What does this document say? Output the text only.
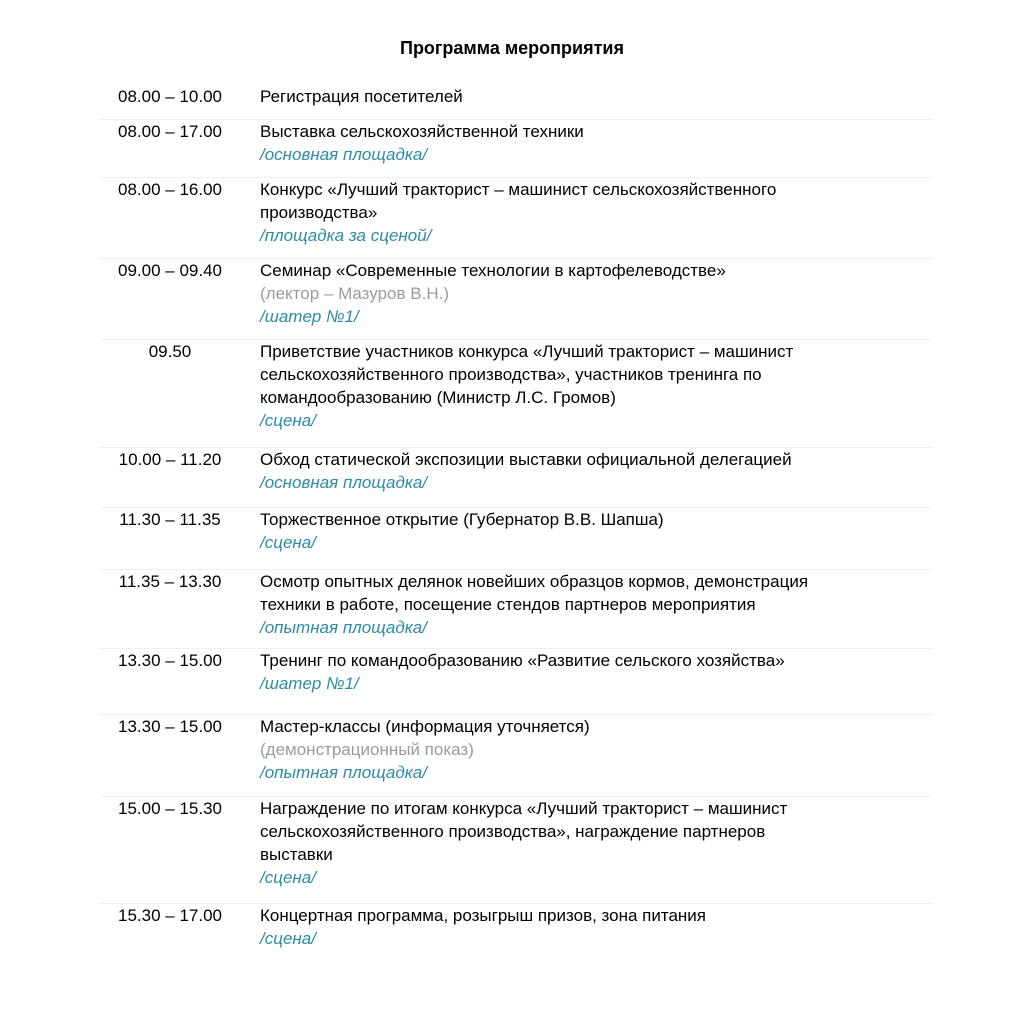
Программа мероприятия
08.00 – 10.00	Регистрация посетителей
08.00 – 17.00	Выставка сельскохозяйственной техники
/основная площадка/
08.00 – 16.00	Конкурс «Лучший тракторист – машинист сельскохозяйственного
производства»
/площадка за сценой/
09.00 – 09.40	Семинар «Современные технологии в картофелеводстве»
(лектор – Мазуров В.Н.)
/шатер №1/
09.50	Приветствие участников конкурса «Лучший тракторист – машинист
сельскохозяйственного производства», участников тренинга по
командообразованию (Министр Л.С. Громов)
/сцена/
10.00 – 11.20	Обход статической экспозиции выставки официальной делегацией
/основная площадка/
11.30 – 11.35	Торжественное открытие (Губернатор В.В. Шапша)
/сцена/
11.35 – 13.30	Осмотр опытных делянок новейших образцов кормов, демонстрация
техники в работе, посещение стендов партнеров мероприятия
/опытная площадка/
13.30 – 15.00	Тренинг по командообразованию «Развитие сельского хозяйства»
/шатер №1/
13.30 – 15.00	Мастер-классы (информация уточняется)
(демонстрационный показ)
/опытная площадка/
15.00 – 15.30	Награждение по итогам конкурса «Лучший тракторист – машинист
сельскохозяйственного производства», награждение партнеров
выставки
/сцена/
15.30 – 17.00	Концертная программа, розыгрыш призов, зона питания
/сцена/
